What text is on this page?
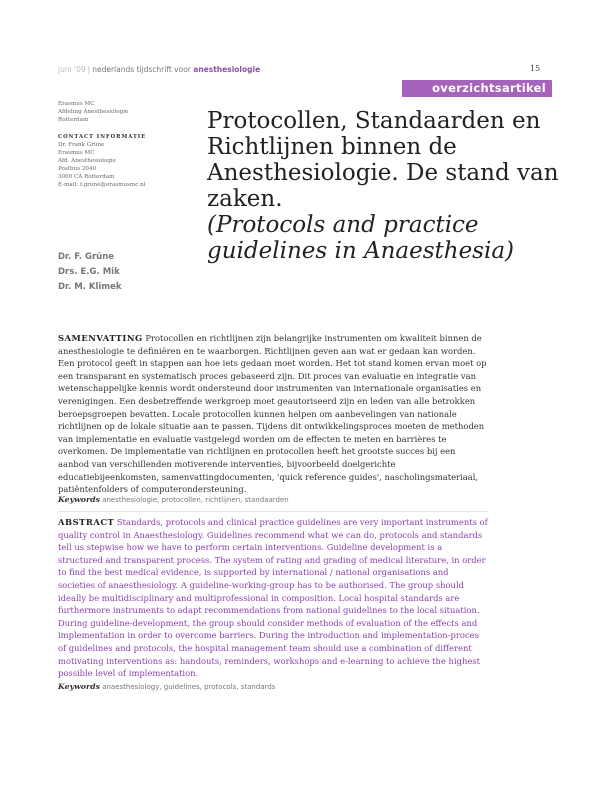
juni '09 | nederlands tijdschrift voor anesthesiologie	15
overzichtsartikel
Erasmus MC
Afdeling Anesthesiologie
Rotterdam
CONTACT INFORMATIE
Dr. Frank Grüne
Erasmus MC
Afd. Anesthesiologie
Postbus 2040
3000 CA Rotterdam
E-mail: f.grune@erasmusmc.nl
Dr. F. Grüne
Drs. E.G. Mik
Dr. M. Klimek
Protocollen, Standaarden en Richtlijnen binnen de Anesthesiologie. De stand van zaken.
(Protocols and practice guidelines in Anaesthesia)
SAMENVATTING Protocollen en richtlijnen zijn belangrijke instrumenten om kwaliteit binnen de anesthesiologie te definiëren en te waarborgen. Richtlijnen geven aan wat er gedaan kan worden. Een protocol geeft in stappen aan hoe iets gedaan moet worden. Het tot stand komen ervan moet op een transparant en systematisch proces gebaseerd zijn. Dit proces van evaluatie en integratie van wetenschappelijke kennis wordt ondersteund door instrumenten van internationale organisaties en verenigingen. Een desbetreffende werkgroep moet geautoriseerd zijn en leden van alle betrokken beroepsgroepen bevatten. Locale protocollen kunnen helpen om aanbevelingen van nationale richtlijnen op de lokale situatie aan te passen. Tijdens dit ontwikkelingsproces moeten de methoden van implementatie en evaluatie vastgelegd worden om de effecten te meten en barrières te overkomen. De implementatie van richtlijnen en protocollen heeft het grootste succes bij een aanbod van verschillenden motiverende interventies, bijvoorbeeld doelgerichte educatiebijeenkomsten, samenvattingdocumenten, 'quick reference guides', nascholingsmateriaal, patiëntenfolders of computerondersteuning.
Keywords anesthesiologie, protocollen, richtlijnen, standaarden
ABSTRACT Standards, protocols and clinical practice guidelines are very important instruments of quality control in Anaesthesiology. Guidelines recommend what we can do, protocols and standards tell us stepwise how we have to perform certain interventions. Guideline development is a structured and transparent process. The system of rating and grading of medical literature, in order to find the best medical evidence, is supported by international / national organisations and societies of anaesthesiology. A guideline-working-group has to be authorised. The group should ideally be multidisciplinary and multiprofessional in composition. Local hospital standards are furthermore instruments to adapt recommendations from national guidelines to the local situation. During guideline-development, the group should consider methods of evaluation of the effects and implementation in order to overcome barriers. During the introduction and implementation-proces of guidelines and protocols, the hospital management team should use a combination of different motivating interventions as: handouts, reminders, workshops and e-learning to achieve the highest possible level of implementation.
Keywords anaesthesiology, guidelines, protocols, standards
